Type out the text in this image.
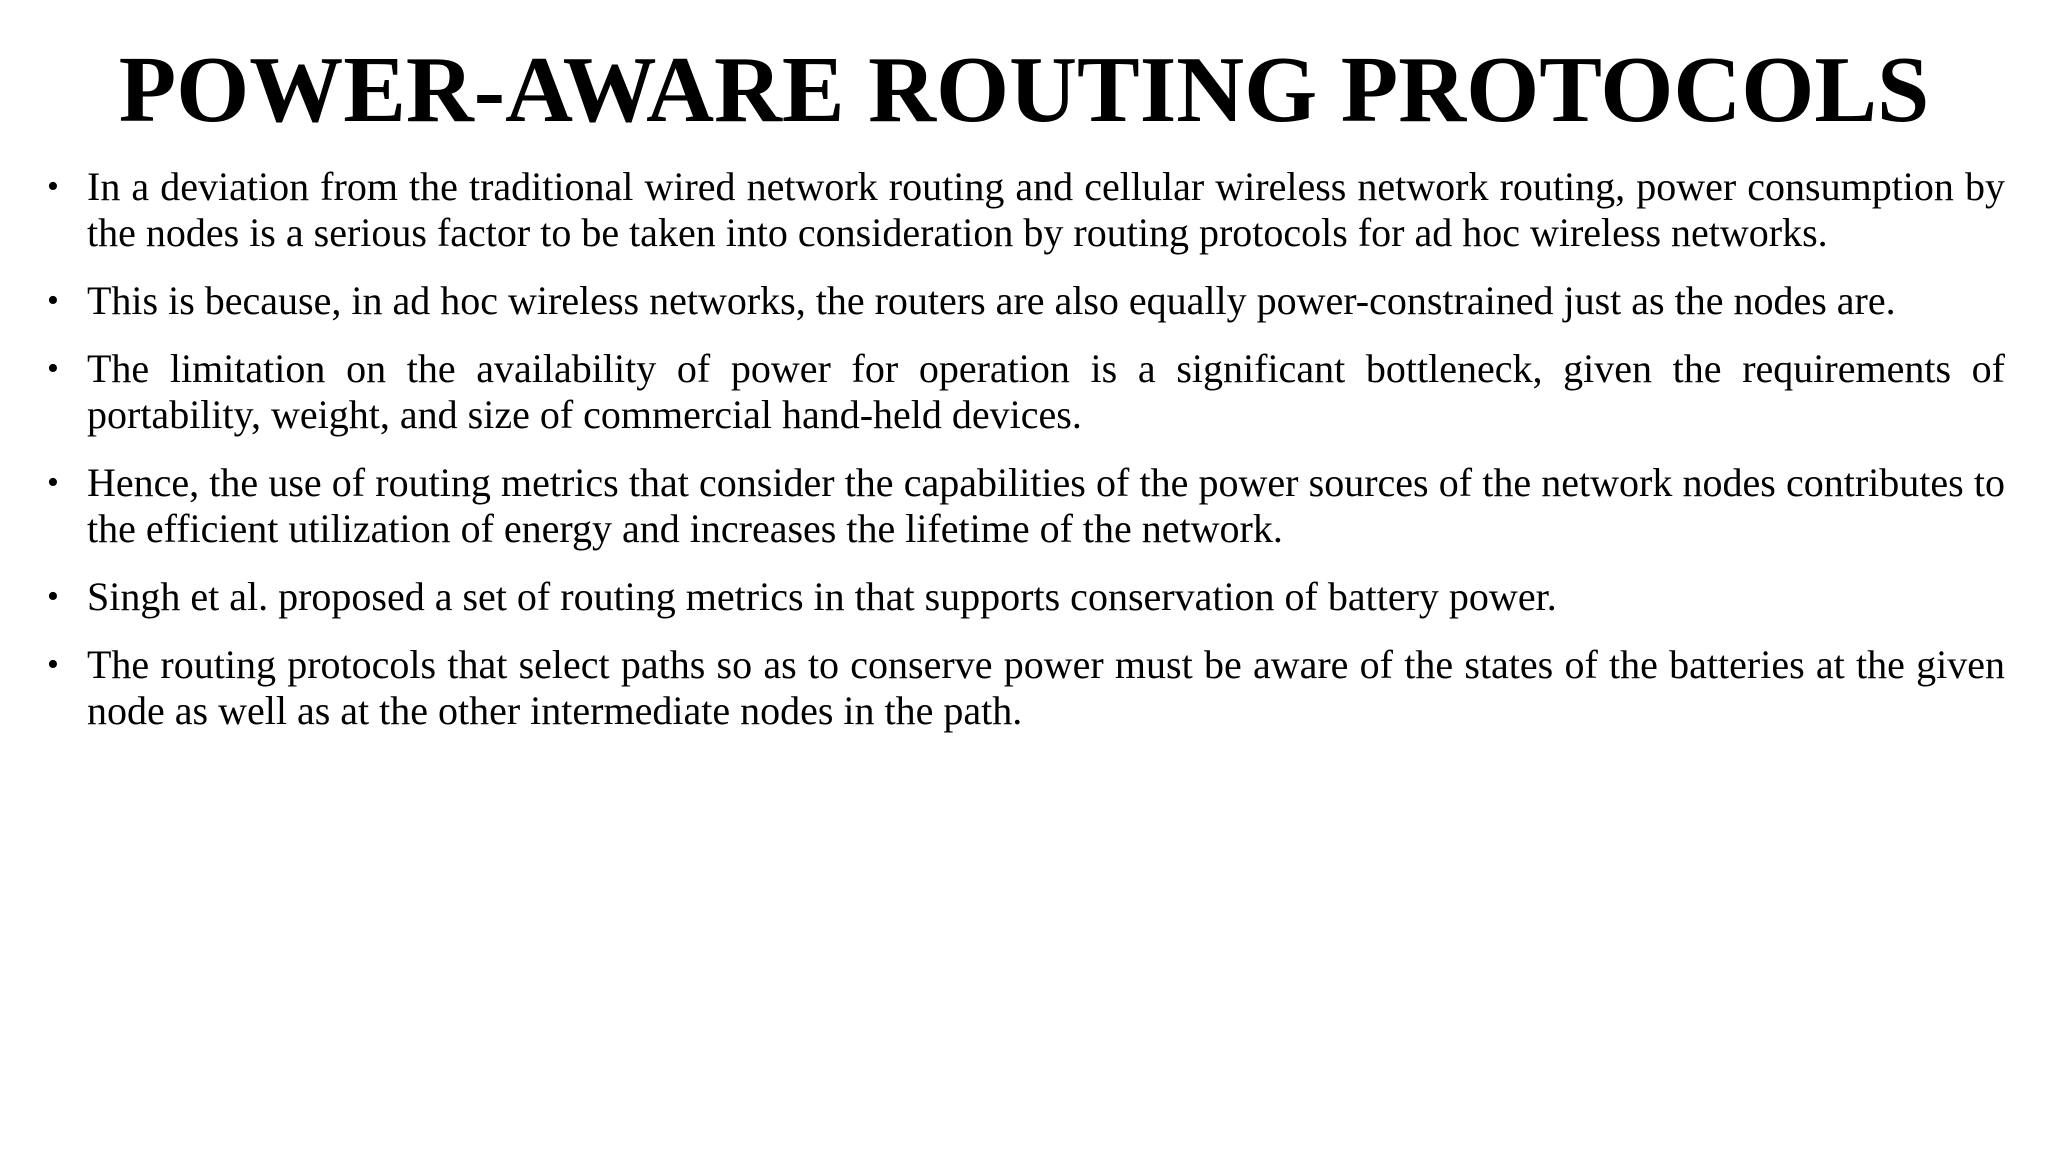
POWER-AWARE ROUTING PROTOCOLS
• In a deviation from the traditional wired network routing and cellular wireless network routing, power consumption by the nodes is a serious factor to be taken into consideration by routing protocols for ad hoc wireless networks.
• This is because, in ad hoc wireless networks, the routers are also equally power-constrained just as the nodes are.
• The limitation on the availability of power for operation is a significant bottleneck, given the requirements of portability, weight, and size of commercial hand-held devices.
• Hence, the use of routing metrics that consider the capabilities of the power sources of the network nodes contributes to the efficient utilization of energy and increases the lifetime of the network.
• Singh et al. proposed a set of routing metrics in that supports conservation of battery power.
• The routing protocols that select paths so as to conserve power must be aware of the states of the batteries at the given node as well as at the other intermediate nodes in the path.
